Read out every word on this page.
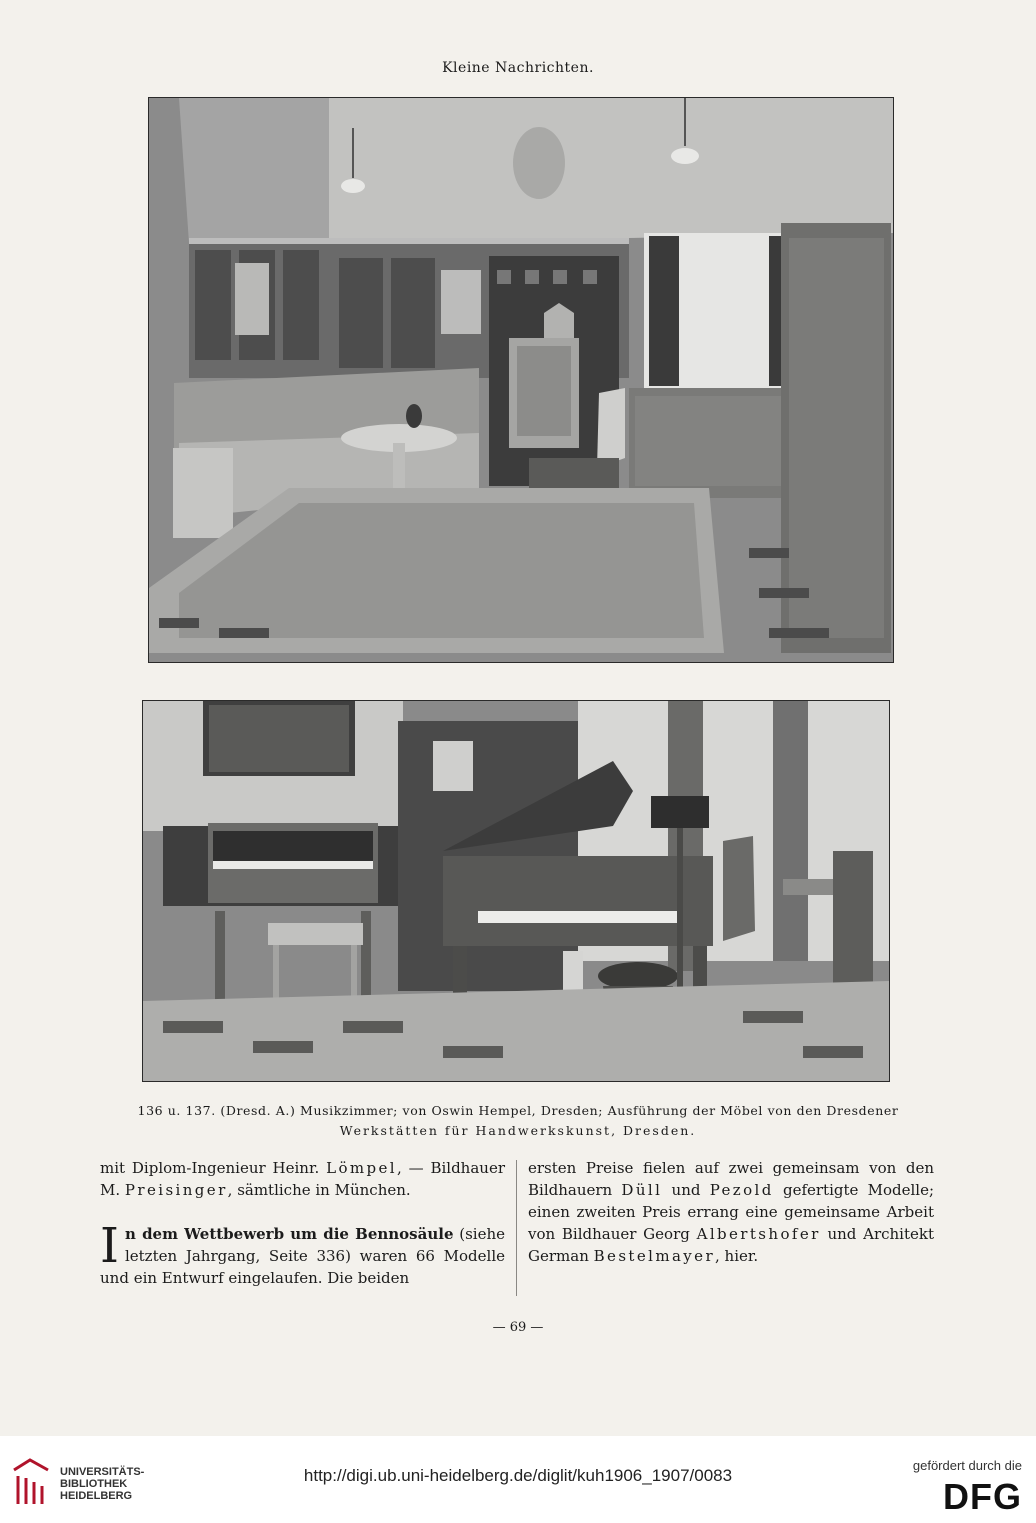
Kleine Nachrichten.
136 u. 137. (Dresd. A.) Musikzimmer; von Oswin Hempel, Dresden; Ausführung der Möbel von den Dresdener
Werkstätten für Handwerkskunst, Dresden.

mit Diplom-Ingenieur Heinr. Lömpel, — Bildhauer M. Preisinger, sämtliche in München.

In dem Wettbewerb um die Bennosäule (siehe letzten Jahrgang, Seite 336) waren 66 Modelle und ein Entwurf eingelaufen. Die beiden

ersten Preise fielen auf zwei gemeinsam von den Bildhauern Düll und Pezold gefertigte Modelle; einen zweiten Preis errang eine gemeinsame Arbeit von Bildhauer Georg Albertshofer und Architekt German Bestelmayer, hier.

— 69 —
UNIVERSITÄTS-
BIBLIOTHEK
HEIDELBERG
http://digi.ub.uni-heidelberg.de/diglit/kuh1906_1907/0083
gefördert durch die
DFG
